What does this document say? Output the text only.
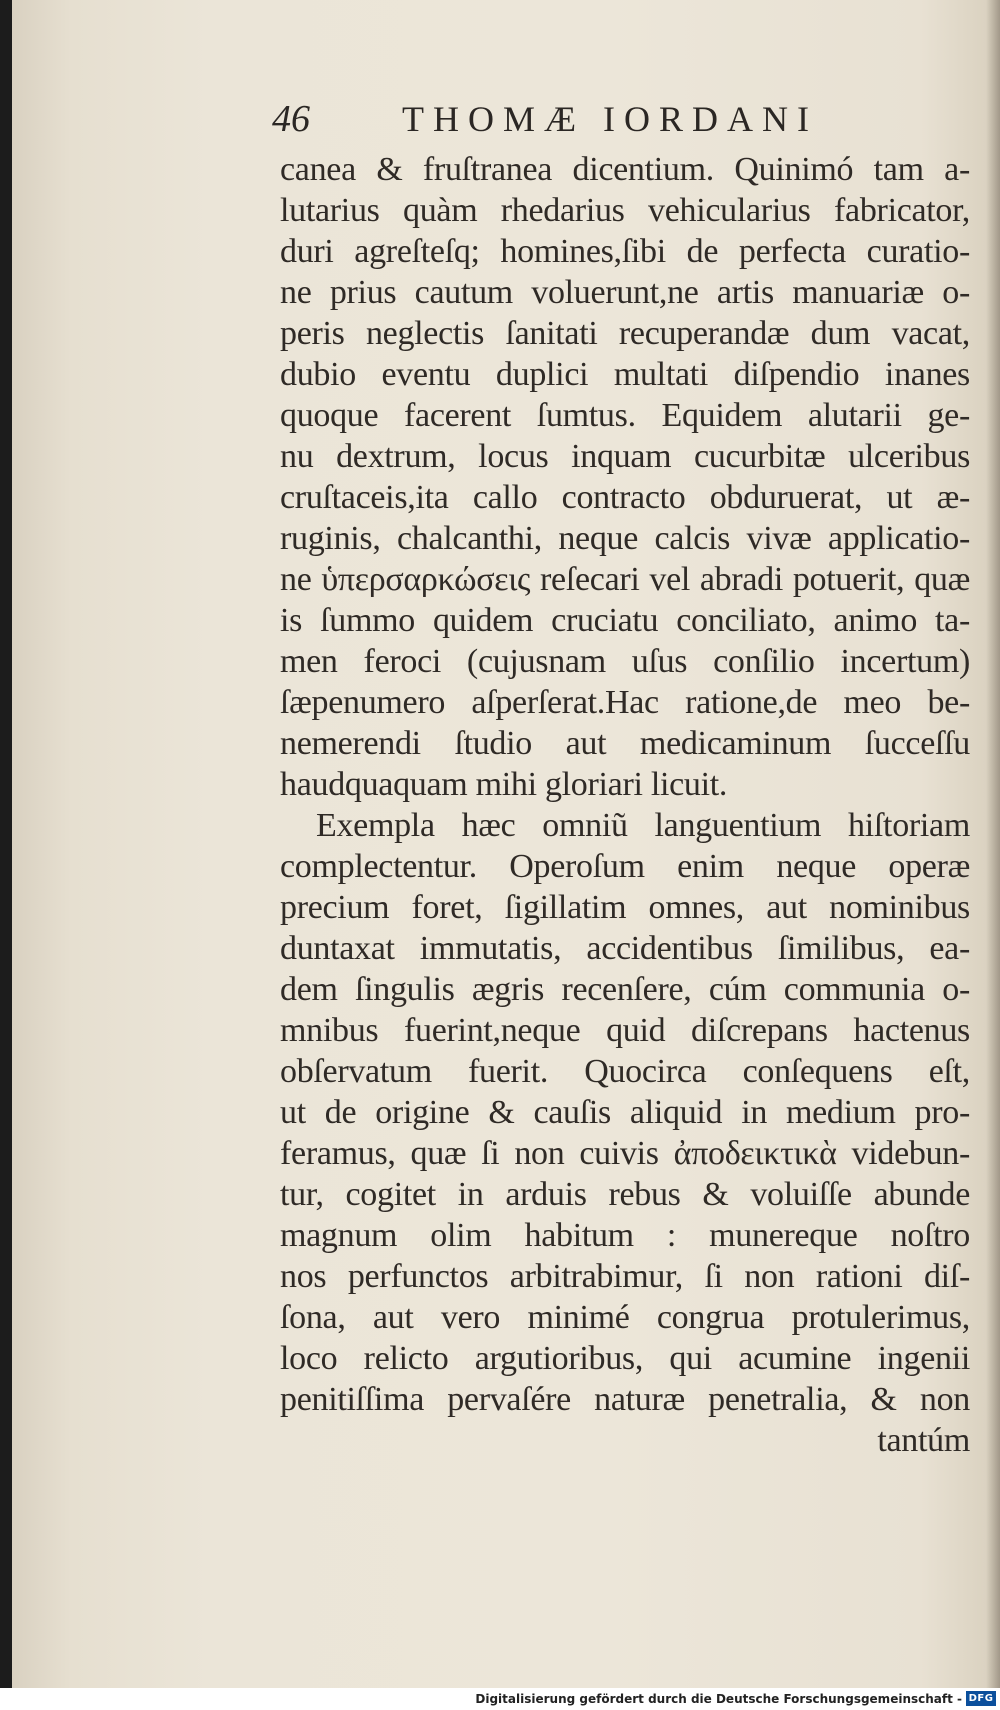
46	THOMÆ IORDANI
canea & fruſtranea dicentium. Quinimó tam a-
lutarius quàm rhedarius vehicularius fabricator,
duri agreſteſq; homines,ſibi de perfecta curatio-
ne prius cautum voluerunt,ne artis manuariæ o-
peris neglectis ſanitati recuperandæ dum vacat,
dubio eventu duplici multati diſpendio inanes
quoque facerent ſumtus. Equidem alutarii ge-
nu dextrum, locus inquam cucurbitæ ulceribus
cruſtaceis,ita callo contracto obduruerat, ut æ-
ruginis, chalcanthi, neque calcis vivæ applicatio-
ne ὑπερσαρκώσεις reſecari vel abradi potuerit, quæ
is ſummo quidem cruciatu conciliato, animo ta-
men feroci (cujusnam uſus conſilio incertum)
ſæpenumero aſperſerat.Hac ratione,de meo be-
nemerendi ſtudio aut medicaminum ſucceſſu
haudquaquam mihi gloriari licuit.
Exempla hæc omniũ languentium hiſtoriam
complectentur. Operoſum enim neque operæ
precium foret, ſigillatim omnes, aut nominibus
duntaxat immutatis, accidentibus ſimilibus, ea-
dem ſingulis ægris recenſere, cúm communia o-
mnibus fuerint,neque quid diſcrepans hactenus
obſervatum fuerit. Quocirca conſequens eſt,
ut de origine & cauſis aliquid in medium pro-
feramus, quæ ſi non cuivis ἀποδεικτικὰ videbun-
tur, cogitet in arduis rebus & voluiſſe abunde
magnum olim habitum : munereque noſtro
nos perfunctos arbitrabimur, ſi non rationi diſ-
ſona, aut vero minimé congrua protulerimus,
loco relicto argutioribus, qui acumine ingenii
penitiſſima pervaſére naturæ penetralia, & non
tantúm
Digitalisierung gefördert durch die Deutsche Forschungsgemeinschaft - DFG
